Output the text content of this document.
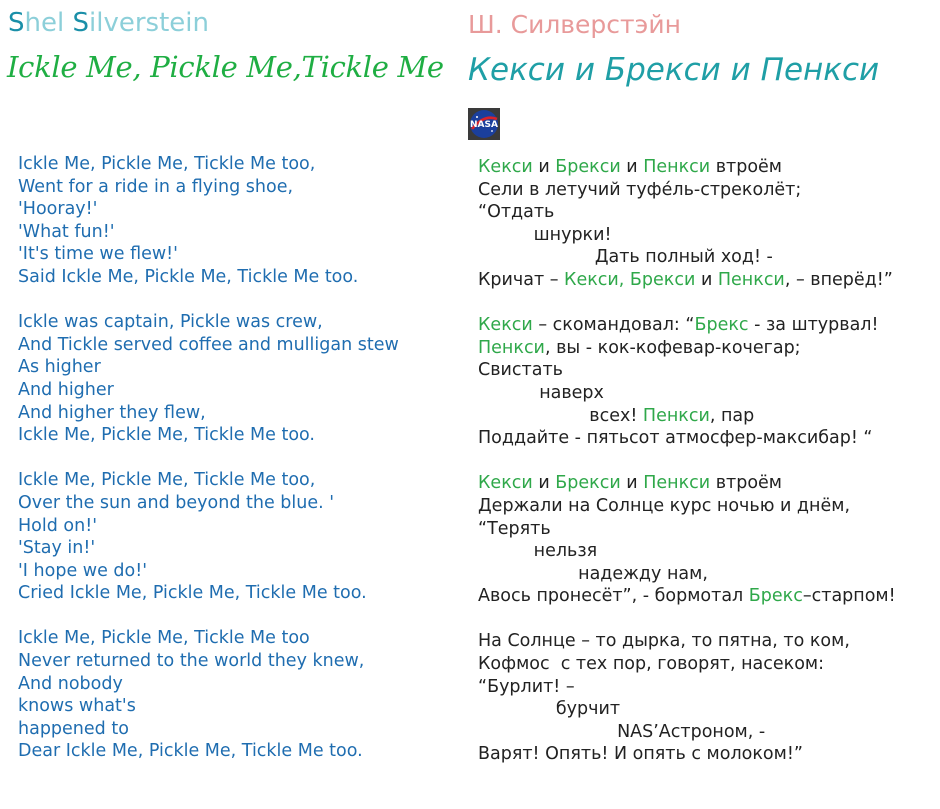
Shel Silverstein
Ickle Me, Pickle Me,Tickle Me
Ickle Me, Pickle Me, Tickle Me too,
Went for a ride in a flying shoe,
'Hooray!'
'What fun!'
'It's time we flew!'
Said Ickle Me, Pickle Me, Tickle Me too.
Ickle was captain, Pickle was crew,
And Tickle served coffee and mulligan stew
As higher
And higher
And higher they flew,
Ickle Me, Pickle Me, Tickle Me too.
Ickle Me, Pickle Me, Tickle Me too,
Over the sun and beyond the blue. '
Hold on!'
'Stay in!'
'I hope we do!'
Cried Ickle Me, Pickle Me, Tickle Me too.
Ickle Me, Pickle Me, Tickle Me too
Never returned to the world they knew,
And nobody
knows what's
happened to
Dear Ickle Me, Pickle Me, Tickle Me too.
Ш. Силверстэйн
Кекси и Брекси и Пенкси
NASA
Кекси и Брекси и Пенкси втроём
Сели в летучий туфе́ль-стреколёт;
“Отдать
шнурки!
Дать полный ход! -
Кричат – Кекси, Брекси и Пенкси, – вперёд!”
Кекси – скомандовал: “Брекс - за штурвал!
Пенкси, вы - кок-кофевар-кочегар;
Свистать
наверх
всех! Пенкси, пар
Поддайте - пятьсот атмосфер-максибар! “
Кекси и Брекси и Пенкси втроём
Держали на Солнце курс ночью и днём,
“Терять
нельзя
надежду нам,
Авось пронесёт”, - бормотал Брекс–старпом!
На Солнце – то дырка, то пятна, то ком,
Кофмос  с тех пор, говорят, насеком:
“Бурлит! –
бурчит
NAS’Астроном, -
Варят! Опять! И опять с молоком!”
